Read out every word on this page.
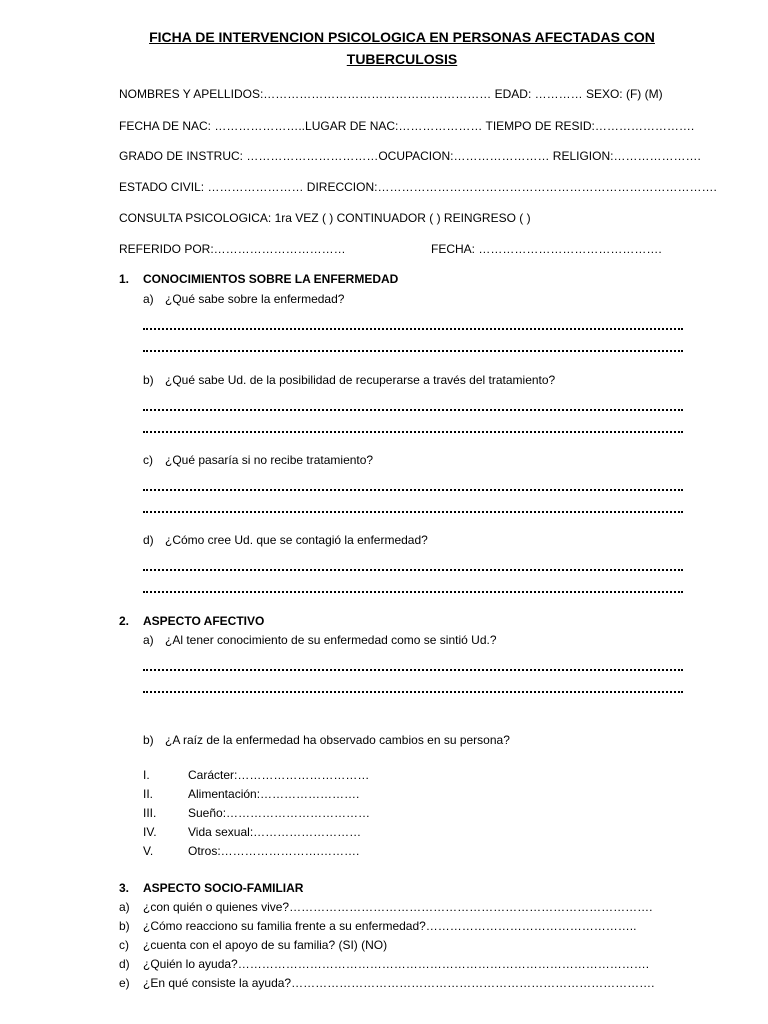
FICHA DE INTERVENCION PSICOLOGICA EN PERSONAS AFECTADAS CON
TUBERCULOSIS
NOMBRES Y APELLIDOS:………………………………………………… EDAD: ………… SEXO: (F) (M)
FECHA DE NAC: …………………..LUGAR DE NAC:………………… TIEMPO DE RESID:…………………….
GRADO DE INSTRUC: ……………………………OCUPACION:…………………… RELIGION:………………….
ESTADO CIVIL: …………………… DIRECCION:………………………………………………………………………….
CONSULTA PSICOLOGICA: 1ra VEZ ( ) CONTINUADOR ( ) REINGRESO ( )
REFERIDO POR:……………………………	FECHA: ……………………………………….
1. CONOCIMIENTOS SOBRE LA ENFERMEDAD
a) ¿Qué sabe sobre la enfermedad?
b) ¿Qué sabe Ud. de la posibilidad de recuperarse a través del tratamiento?
c) ¿Qué pasaría si no recibe tratamiento?
d) ¿Cómo cree Ud. que se contagió la enfermedad?
2. ASPECTO AFECTIVO
a) ¿Al tener conocimiento de su enfermedad como se sintió Ud.?
b) ¿A raíz de la enfermedad ha observado cambios en su persona?
I.	Carácter:……………………………
II.	Alimentación:…………………….
III.	Sueño:………………………………
IV.	Vida sexual:………………………
V.	Otros:…………………….……….
3. ASPECTO SOCIO-FAMILIAR
a) ¿con quién o quienes vive?……………………………………………………………………………….
b) ¿Cómo reacciono su familia frente a su enfermedad?……………………………………………..
c) ¿cuenta con el apoyo de su familia? (SI) (NO)
d) ¿Quién lo ayuda?………………………………………………………………………………………….
e) ¿En qué consiste la ayuda?……………………………………………………………………………….
